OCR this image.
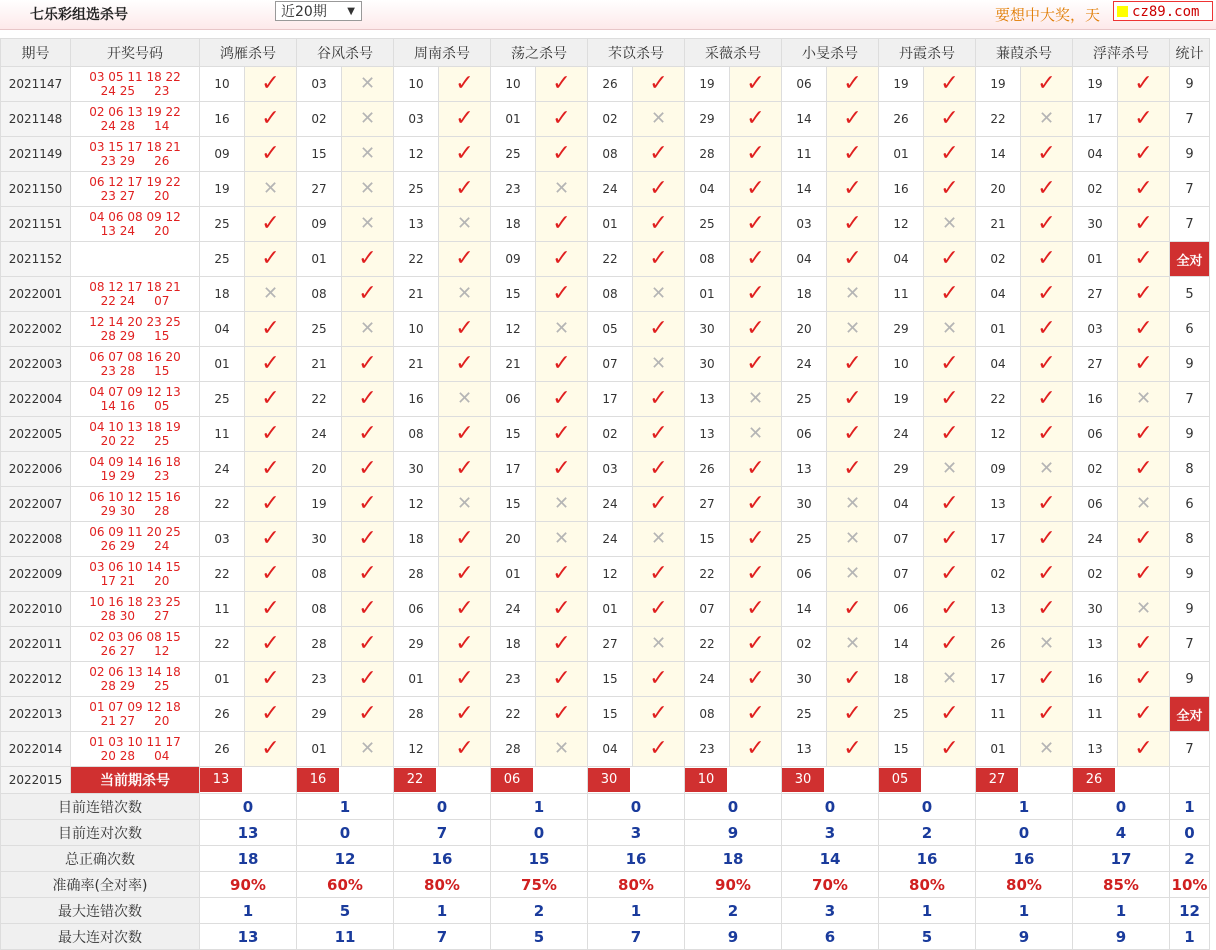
七乐彩组选杀号	近20期 ▼	要想中大奖，天	cz89.com
期号	开奖号码	鸿雁杀号		谷风杀号		周南杀号		荡之杀号		芣苡杀号		采薇杀号		小旻杀号		丹霞杀号		蒹葭杀号		浮萍杀号		统计
2021147	03 05 11 18 22
24 25 23	10	✓	03	✕	10	✓	10	✓	26	✓	19	✓	06	✓	19	✓	19	✓	19	✓	9
2021148	02 06 13 19 22
24 28 14	16	✓	02	✕	03	✓	01	✓	02	✕	29	✓	14	✓	26	✓	22	✕	17	✓	7
2021149	03 15 17 18 21
23 29 26	09	✓	15	✕	12	✓	25	✓	08	✓	28	✓	11	✓	01	✓	14	✓	04	✓	9
2021150	06 12 17 19 22
23 27 20	19	✕	27	✕	25	✓	23	✕	24	✓	04	✓	14	✓	16	✓	20	✓	02	✓	7
2021151	04 06 08 09 12
13 24 20	25	✓	09	✕	13	✕	18	✓	01	✓	25	✓	03	✓	12	✕	21	✓	30	✓	7
2021152		25	✓	01	✓	22	✓	09	✓	22	✓	08	✓	04	✓	04	✓	02	✓	01	✓	全对
2022001	08 12 17 18 21
22 24 07	18	✕	08	✓	21	✕	15	✓	08	✕	01	✓	18	✕	11	✓	04	✓	27	✓	5
2022002	12 14 20 23 25
28 29 15	04	✓	25	✕	10	✓	12	✕	05	✓	30	✓	20	✕	29	✕	01	✓	03	✓	6
2022003	06 07 08 16 20
23 28 15	01	✓	21	✓	21	✓	21	✓	07	✕	30	✓	24	✓	10	✓	04	✓	27	✓	9
2022004	04 07 09 12 13
14 16 05	25	✓	22	✓	16	✕	06	✓	17	✓	13	✕	25	✓	19	✓	22	✓	16	✕	7
2022005	04 10 13 18 19
20 22 25	11	✓	24	✓	08	✓	15	✓	02	✓	13	✕	06	✓	24	✓	12	✓	06	✓	9
2022006	04 09 14 16 18
19 29 23	24	✓	20	✓	30	✓	17	✓	03	✓	26	✓	13	✓	29	✕	09	✕	02	✓	8
2022007	06 10 12 15 16
29 30 28	22	✓	19	✓	12	✕	15	✕	24	✓	27	✓	30	✕	04	✓	13	✓	06	✕	6
2022008	06 09 11 20 25
26 29 24	03	✓	30	✓	18	✓	20	✕	24	✕	15	✓	25	✕	07	✓	17	✓	24	✓	8
2022009	03 06 10 14 15
17 21 20	22	✓	08	✓	28	✓	01	✓	12	✓	22	✓	06	✕	07	✓	02	✓	02	✓	9
2022010	10 16 18 23 25
28 30 27	11	✓	08	✓	06	✓	24	✓	01	✓	07	✓	14	✓	06	✓	13	✓	30	✕	9
2022011	02 03 06 08 15
26 27 12	22	✓	28	✓	29	✓	18	✓	27	✕	22	✓	02	✕	14	✓	26	✕	13	✓	7
2022012	02 06 13 14 18
28 29 25	01	✓	23	✓	01	✓	23	✓	15	✓	24	✓	30	✓	18	✕	17	✓	16	✓	9
2022013	01 07 09 12 18
21 27 20	26	✓	29	✓	28	✓	22	✓	15	✓	08	✓	25	✓	25	✓	11	✓	11	✓	全对
2022014	01 03 10 11 17
20 28 04	26	✓	01	✕	12	✓	28	✕	04	✓	23	✓	13	✓	15	✓	01	✕	13	✓	7
2022015	当前期杀号	13		16		22		06		30		10		30		05		27		26		

目前连错次数		0		1		0		1		0		0		0		0		1		0		1
目前连对次数		13		0		7		0		3		9		3		2		0		4		0
总正确次数		18		12		16		15		16		18		14		16		16		17		2
准确率(全对率)		90%		60%		80%		75%		80%		90%		70%		80%		80%		85%		10%
最大连错次数		1		5		1		2		1		2		3		1		1		1		12
最大连对次数		13		11		7		5		7		9		6		5		9		9		1
